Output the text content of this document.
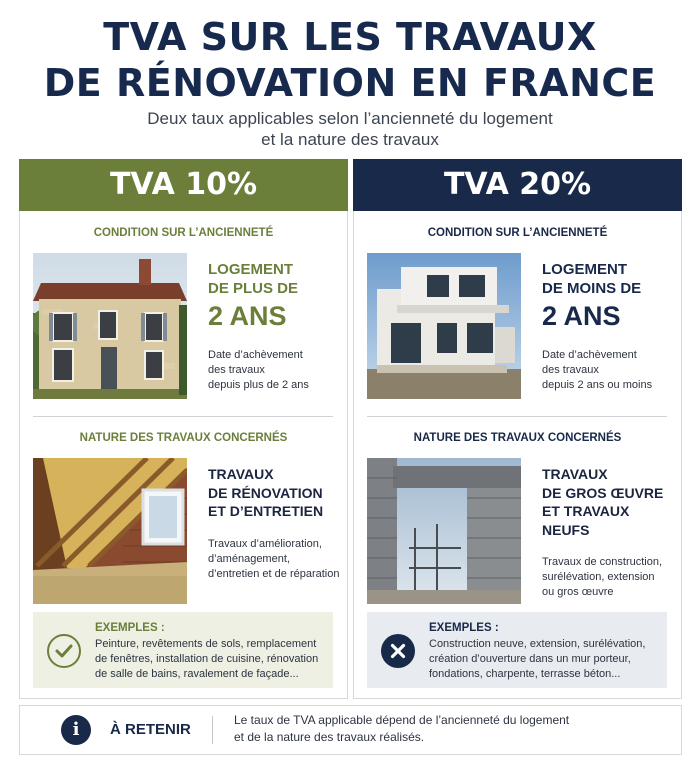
TVA SUR LES TRAVAUX
DE RÉNOVATION EN FRANCE
Deux taux applicables selon l’ancienneté du logement
et la nature des travaux
TVA 10%
CONDITION SUR L’ANCIENNETÉ
LOGEMENT
DE PLUS DE
2 ANS
Date d’achèvement
des travaux
depuis plus de 2 ans
NATURE DES TRAVAUX CONCERNÉS
TRAVAUX
DE RÉNOVATION
ET D’ENTRETIEN
Travaux d’amélioration,
d’aménagement,
d’entretien et de réparation
EXEMPLES :
Peinture, revêtements de sols, remplacement
de fenêtres, installation de cuisine, rénovation
de salle de bains, ravalement de façade...
TVA 20%
CONDITION SUR L’ANCIENNETÉ
LOGEMENT
DE MOINS DE
2 ANS
Date d’achèvement
des travaux
depuis 2 ans ou moins
NATURE DES TRAVAUX CONCERNÉS
TRAVAUX
DE GROS ŒUVRE
ET TRAVAUX NEUFS
Travaux de construction,
surélévation, extension
ou gros œuvre
EXEMPLES :
Construction neuve, extension, surélévation,
création d’ouverture dans un mur porteur,
fondations, charpente, terrasse béton...
i	À RETENIR
Le taux de TVA applicable dépend de l’ancienneté du logement
et de la nature des travaux réalisés.
